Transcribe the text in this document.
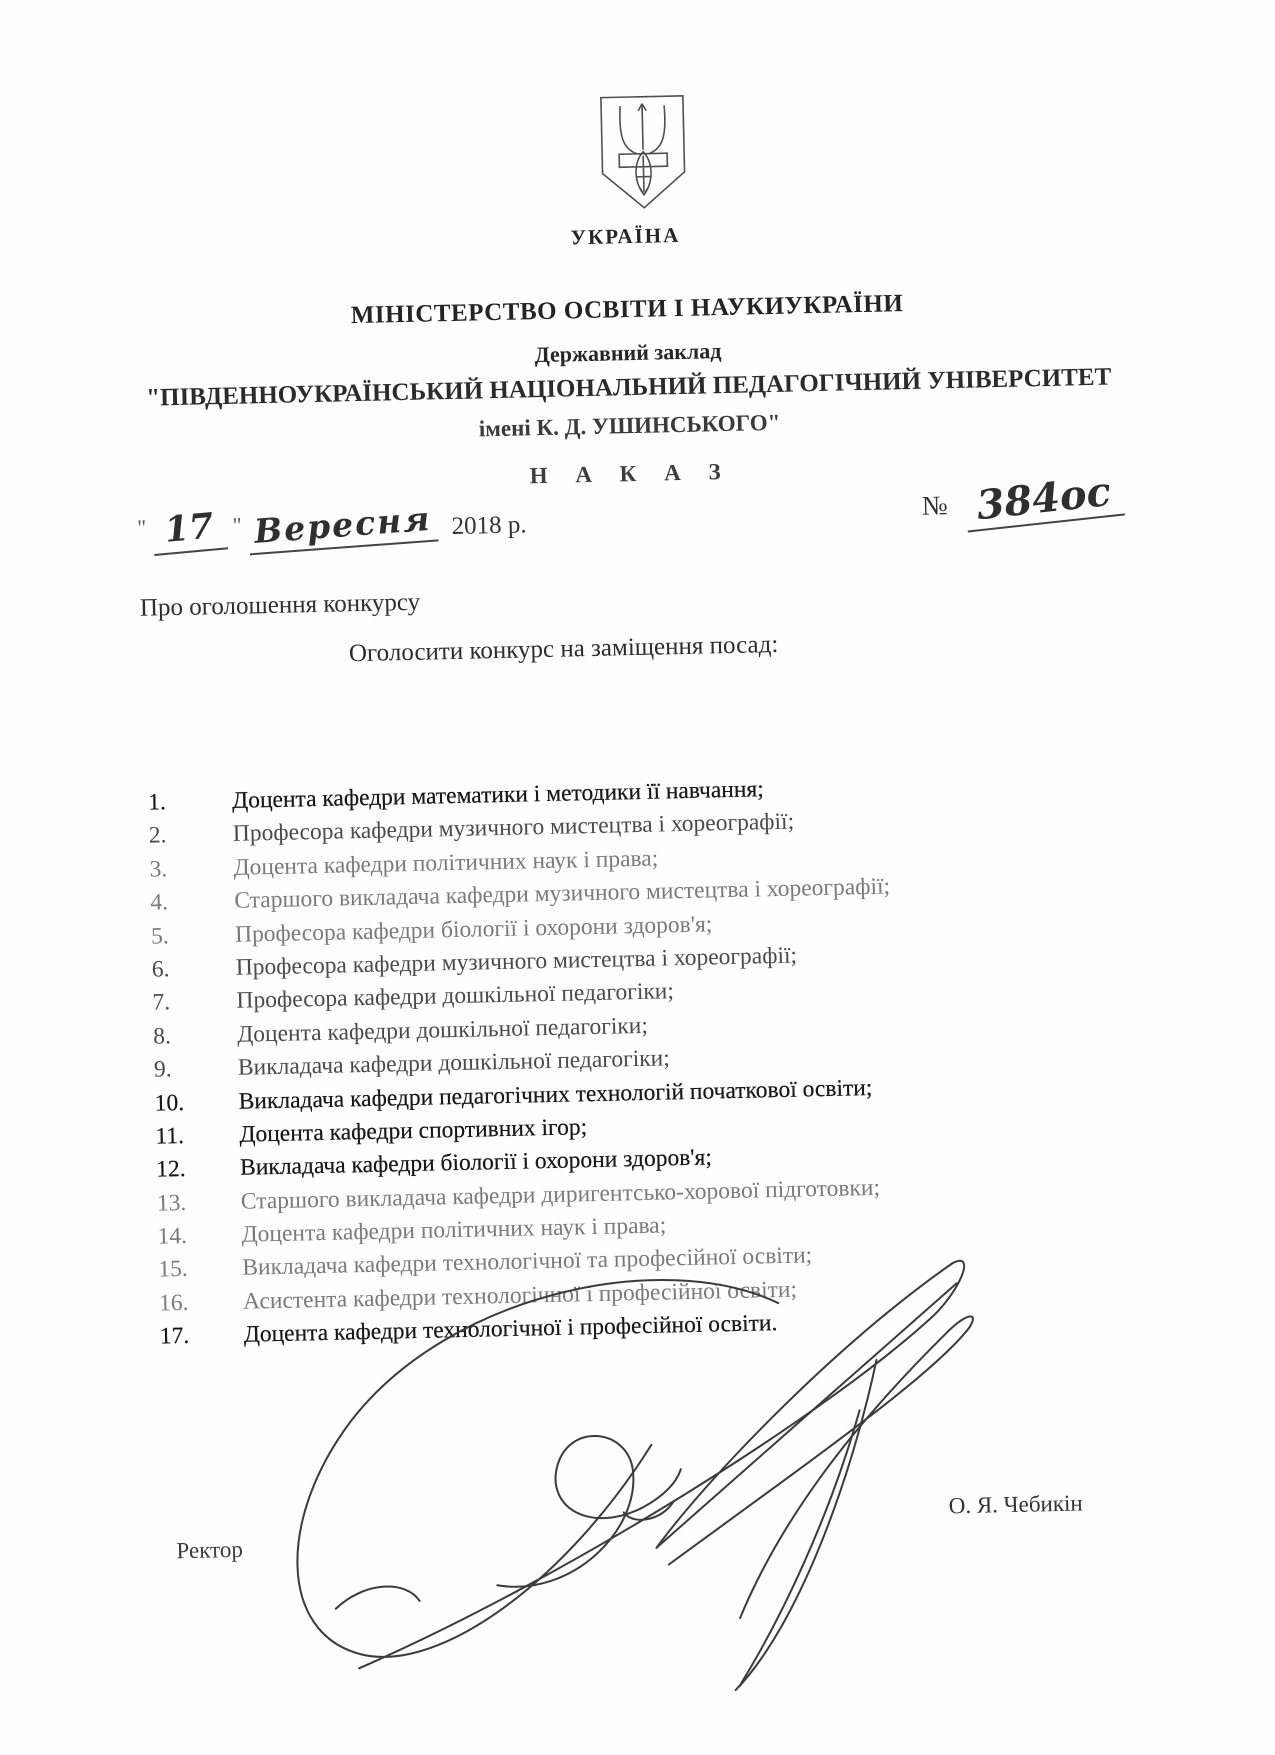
УКРАЇНА
МІНІСТЕРСТВО ОСВІТИ І НАУКИУКРАЇНИ
Державний заклад
"ПІВДЕННОУКРАЇНСЬКИЙ НАЦІОНАЛЬНИЙ ПЕДАГОГІЧНИЙ УНІВЕРСИТЕТ
імені К. Д. УШИНСЬКОГО"
Н А К А З
" 17 " Вересня 2018 р.
№ 384ос
Про оголошення конкурсу
Оголосити конкурс на заміщення посад:
1.	Доцента кафедри математики і методики її навчання;
2.	Професора кафедри музичного мистецтва і хореографії;
3.	Доцента кафедри політичних наук і права;
4.	Старшого викладача кафедри музичного мистецтва і хореографії;
5.	Професора кафедри біології і охорони здоров'я;
6.	Професора кафедри музичного мистецтва і хореографії;
7.	Професора кафедри дошкільної педагогіки;
8.	Доцента кафедри дошкільної педагогіки;
9.	Викладача кафедри дошкільної педагогіки;
10.	Викладача кафедри педагогічних технологій початкової освіти;
11.	Доцента кафедри спортивних ігор;
12.	Викладача кафедри біології і охорони здоров'я;
13.	Старшого викладача кафедри диригентсько-хорової підготовки;
14.	Доцента кафедри політичних наук і права;
15.	Викладача кафедри технологічної та професійної освіти;
16.	Асистента кафедри технологічної і професійної освіти;
17.	Доцента кафедри технологічної і професійної освіти.
Ректор
О. Я. Чебикін
